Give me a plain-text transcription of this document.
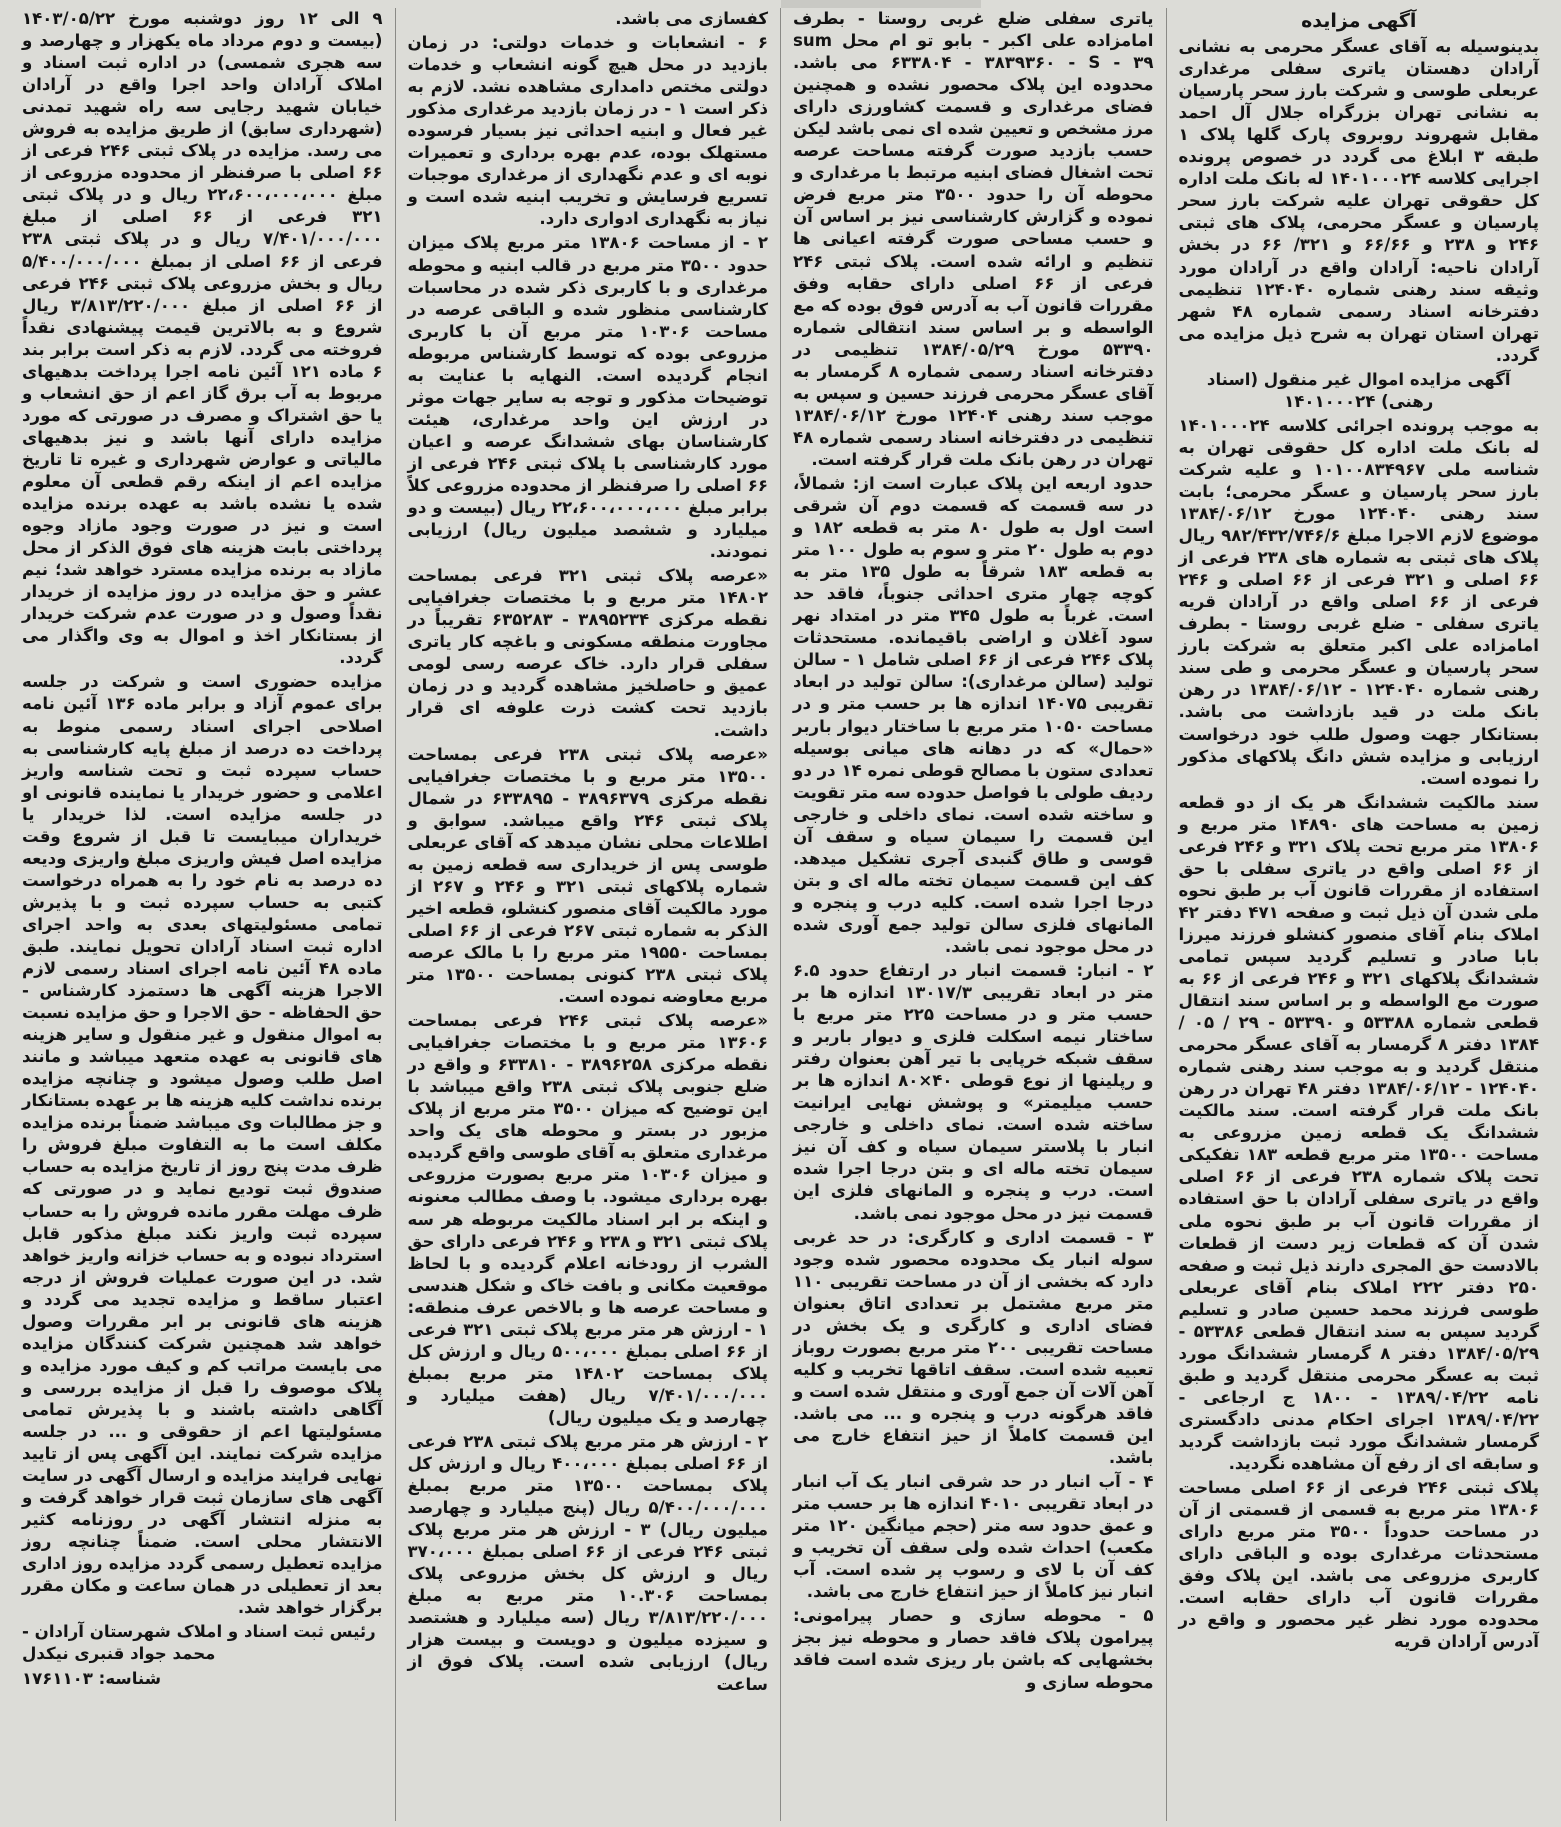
آگهی مزایده

بدینوسیله به آقای عسگر محرمی به نشانی آرادان دهستان یاتری سفلی مرغداری عربعلی طوسی و شرکت بارز سحر پارسیان به نشانی تهران بزرگراه جلال آل احمد مقابل شهروند روبروی پارک گلها پلاک ۱ طبقه ۳ ابلاغ می گردد در خصوص پرونده اجرایی کلاسه ۱۴۰۱۰۰۰۲۴ له بانک ملت اداره کل حقوقی تهران علیه شرکت بارز سحر پارسیان و عسگر محرمی، پلاک های ثبتی ۲۴۶ و ۲۳۸ و ۶۶/۶۶ و ۳۲۱/ ۶۶ در بخش آرادان ناحیه: آرادان واقع در آرادان مورد وثیقه سند رهنی شماره ۱۲۴۰۴۰ تنظیمی دفترخانه اسناد رسمی شماره ۴۸ شهر تهران استان تهران به شرح ذیل مزایده می گردد.

آگهی مزایده اموال غیر منقول (اسناد رهنی) ۱۴۰۱۰۰۰۲۴

به موجب پرونده اجرائی کلاسه ۱۴۰۱۰۰۰۲۴ له بانک ملت اداره کل حقوقی تهران به شناسه ملی ۱۰۱۰۰۸۳۴۹۶۷ و علیه شرکت بارز سحر پارسیان و عسگر محرمی؛ بابت سند رهنی ۱۲۴۰۴۰ مورخ ۱۳۸۴/۰۶/۱۲ موضوع لازم الاجرا مبلغ ۹۸۲/۴۳۲/۷۴۶/۶ ریال پلاک های ثبتی به شماره های ۲۳۸ فرعی از ۶۶ اصلی و ۳۲۱ فرعی از ۶۶ اصلی و ۲۴۶ فرعی از ۶۶ اصلی واقع در آرادان قریه یاتری سفلی - ضلع غربی روستا - بطرف امامزاده علی اکبر متعلق به شرکت بارز سحر پارسیان و عسگر محرمی و طی سند رهنی شماره ۱۲۴۰۴۰ - ۱۳۸۴/۰۶/۱۲ در رهن بانک ملت در قید بازداشت می باشد. بستانکار جهت وصول طلب خود درخواست ارزیابی و مزایده شش دانگ پلاکهای مذکور را نموده است.

سند مالکیت ششدانگ هر یک از دو قطعه زمین به مساحت های ۱۴۸۹۰ متر مربع و ۱۳۸۰۶ متر مربع تحت پلاک ۳۲۱ و ۲۴۶ فرعی از ۶۶ اصلی واقع در یاتری سفلی با حق استفاده از مقررات قانون آب بر طبق نحوه ملی شدن آن ذیل ثبت و صفحه ۴۷۱ دفتر ۴۲ املاک بنام آقای منصور کنشلو فرزند میرزا بابا صادر و تسلیم گردید سپس تمامی ششدانگ پلاکهای ۳۲۱ و ۲۴۶ فرعی از ۶۶ به صورت مع الواسطه و بر اساس سند انتقال قطعی شماره ۵۳۳۸۸ و ۵۳۳۹۰ - ۲۹ / ۰۵ / ۱۳۸۴ دفتر ۸ گرمسار به آقای عسگر محرمی منتقل گردید و به موجب سند رهنی شماره ۱۲۴۰۴۰ - ۱۳۸۴/۰۶/۱۲ دفتر ۴۸ تهران در رهن بانک ملت قرار گرفته است. سند مالکیت ششدانگ یک قطعه زمین مزروعی به مساحت ۱۳۵۰۰ متر مربع قطعه ۱۸۳ تفکیکی تحت پلاک شماره ۲۳۸ فرعی از ۶۶ اصلی واقع در یاتری سفلی آرادان با حق استفاده از مقررات قانون آب بر طبق نحوه ملی شدن آن که قطعات زیر دست از قطعات بالادست حق المجری دارند ذیل ثبت و صفحه ۲۵۰ دفتر ۲۲۲ املاک بنام آقای عربعلی طوسی فرزند محمد حسین صادر و تسلیم گردید سپس به سند انتقال قطعی ۵۳۳۸۶ - ۱۳۸۴/۰۵/۲۹ دفتر ۸ گرمسار ششدانگ مورد ثبت به عسگر محرمی منتقل گردید و طبق نامه ۱۳۸۹/۰۴/۲۲ - ۱۸۰۰ ج ارجاعی - ۱۳۸۹/۰۴/۲۲ اجرای احکام مدنی دادگستری گرمسار ششدانگ مورد ثبت بازداشت گردید و سابقه ای از رفع آن مشاهده نگردید.

پلاک ثبتی ۲۴۶ فرعی از ۶۶ اصلی مساحت ۱۳۸۰۶ متر مربع به قسمی از قسمتی از آن در مساحت حدوداً ۳۵۰۰ متر مربع دارای مستحدثات مرغداری بوده و الباقی دارای کاربری مزروعی می باشد. این پلاک وفق مقررات قانون آب دارای حقابه است. محدوده مورد نظر غیر محصور و واقع در آدرس آرادان قریه

یاتری سفلی ضلع غربی روستا - بطرف امامزاده علی اکبر - بابو تو ام محل sum ۶۳۳۸۰۴ - ۳۸۳۹۳۶۰ - S - ۳۹ می باشد. محدوده این پلاک محصور نشده و همچنین فضای مرغداری و قسمت کشاورزی دارای مرز مشخص و تعیین شده ای نمی باشد لیکن حسب بازدید صورت گرفته مساحت عرصه تحت اشغال فضای ابنیه مرتبط با مرغداری و محوطه آن را حدود ۳۵۰۰ متر مربع فرض نموده و گزارش کارشناسی نیز بر اساس آن و حسب مساحی صورت گرفته اعیانی ها تنظیم و ارائه شده است. پلاک ثبتی ۲۴۶ فرعی از ۶۶ اصلی دارای حقابه وفق مقررات قانون آب به آدرس فوق بوده که مع الواسطه و بر اساس سند انتقالی شماره ۵۳۳۹۰ مورخ ۱۳۸۴/۰۵/۲۹ تنظیمی در دفترخانه اسناد رسمی شماره ۸ گرمسار به آقای عسگر محرمی فرزند حسین و سپس به موجب سند رهنی ۱۲۴۰۴ مورخ ۱۳۸۴/۰۶/۱۲ تنظیمی در دفترخانه اسناد رسمی شماره ۴۸ تهران در رهن بانک ملت قرار گرفته است.

حدود اربعه این پلاک عبارت است از: شمالاً، در سه قسمت که قسمت دوم آن شرقی است اول به طول ۸۰ متر به قطعه ۱۸۲ و دوم به طول ۲۰ متر و سوم به طول ۱۰۰ متر به قطعه ۱۸۳ شرقاً به طول ۱۳۵ متر به کوچه چهار متری احداثی جنوباً، فاقد حد است. غرباً به طول ۳۴۵ متر در امتداد نهر سود آغلان و اراضی باقیمانده. مستحدثات پلاک ۲۴۶ فرعی از ۶۶ اصلی شامل ۱ - سالن تولید (سالن مرغداری): سالن تولید در ابعاد تقریبی ۱۴۰۷۵ اندازه ها بر حسب متر و در مساحت ۱۰۵۰ متر مربع با ساختار دیوار باربر «حمال» که در دهانه های میانی بوسیله تعدادی ستون با مصالح قوطی نمره ۱۴ در دو ردیف طولی با فواصل حدوده سه متر تقویت و ساخته شده است. نمای داخلی و خارجی این قسمت را سیمان سیاه و سقف آن قوسی و طاق گنبدی آجری تشکیل میدهد. کف این قسمت سیمان تخته ماله ای و بتن درجا اجرا شده است. کلیه درب و پنجره و المانهای فلزی سالن تولید جمع آوری شده در محل موجود نمی باشد.

۲ - انبار: قسمت انبار در ارتفاع حدود ۶.۵ متر در ابعاد تقریبی ۱۳۰۱۷/۳ اندازه ها بر حسب متر و در مساحت ۲۲۵ متر مربع با ساختار نیمه اسکلت فلزی و دیوار باربر و سقف شبکه خرپایی با تیر آهن بعنوان رفتر و رپلینها از نوع قوطی ۴۰×۸۰ اندازه ها بر حسب میلیمتر» و پوشش نهایی ایرانیت ساخته شده است. نمای داخلی و خارجی انبار با پلاستر سیمان سیاه و کف آن نیز سیمان تخته ماله ای و بتن درجا اجرا شده است. درب و پنجره و المانهای فلزی این قسمت نیز در محل موجود نمی باشد.

۳ - قسمت اداری و کارگری: در حد غربی سوله انبار یک محدوده محصور شده وجود دارد که بخشی از آن در مساحت تقریبی ۱۱۰ متر مربع مشتمل بر تعدادی اتاق بعنوان فضای اداری و کارگری و یک بخش در مساحت تقریبی ۲۰۰ متر مربع بصورت روباز تعبیه شده است. سقف اتاقها تخریب و کلیه آهن آلات آن جمع آوری و منتقل شده است و فاقد هرگونه درب و پنجره و ... می باشد. این قسمت کاملاً از حیز انتفاع خارج می باشد.

۴ - آب انبار در حد شرقی انبار یک آب انبار در ابعاد تقریبی ۴۰۱۰ اندازه ها بر حسب متر و عمق حدود سه متر (حجم میانگین ۱۲۰ متر مکعب) احداث شده ولی سقف آن تخریب و کف آن با لای و رسوب پر شده است. آب انبار نیز کاملاً از حیز انتفاع خارج می باشد.

۵ - محوطه سازی و حصار پیرامونی: پیرامون پلاک فاقد حصار و محوطه نیز بجز بخشهایی که باشن بار ریزی شده است فاقد محوطه سازی و

کفسازی می باشد.

۶ - انشعابات و خدمات دولتی: در زمان بازدید در محل هیچ گونه انشعاب و خدمات دولتی مختص دامداری مشاهده نشد. لازم به ذکر است ۱ - در زمان بازدید مرغداری مذکور غیر فعال و ابنیه احداثی نیز بسیار فرسوده مستهلک بوده، عدم بهره برداری و تعمیرات نوبه ای و عدم نگهداری از مرغداری موجبات تسریع فرسایش و تخریب ابنیه شده است و نیاز به نگهداری ادواری دارد.

۲ - از مساحت ۱۳۸۰۶ متر مربع پلاک میزان حدود ۳۵۰۰ متر مربع در قالب ابنیه و محوطه مرغداری و با کاربری ذکر شده در محاسبات کارشناسی منظور شده و الباقی عرصه در مساحت ۱۰۳۰۶ متر مربع آن با کاربری مزروعی بوده که توسط کارشناس مربوطه انجام گردیده است. النهایه با عنایت به توضیحات مذکور و توجه به سایر جهات موثر در ارزش این واحد مرغداری، هیئت کارشناسان بهای ششدانگ عرصه و اعیان مورد کارشناسی با پلاک ثبتی ۲۴۶ فرعی از ۶۶ اصلی را صرفنظر از محدوده مزروعی کلاً برابر مبلغ ۲۲،۶۰۰،۰۰۰،۰۰۰ ریال (بیست و دو میلیارد و ششصد میلیون ریال) ارزیابی نمودند.

«عرصه پلاک ثبتی ۳۲۱ فرعی بمساحت ۱۴۸۰۲ متر مربع و با مختصات جغرافیایی نقطه مرکزی ۳۸۹۵۲۳۴ - ۶۳۵۲۸۳ تقریباً در مجاورت منطقه مسکونی و باغچه کار یاتری سفلی قرار دارد. خاک عرصه رسی لومی عمیق و حاصلخیز مشاهده گردید و در زمان بازدید تحت کشت ذرت علوفه ای قرار داشت.

«عرصه پلاک ثبتی ۲۳۸ فرعی بمساحت ۱۳۵۰۰ متر مربع و با مختصات جغرافیایی نقطه مرکزی ۳۸۹۶۳۷۹ - ۶۳۳۸۹۵ در شمال پلاک ثبتی ۲۴۶ واقع میباشد. سوابق و اطلاعات محلی نشان میدهد که آقای عربعلی طوسی پس از خریداری سه قطعه زمین به شماره پلاکهای ثبتی ۳۲۱ و ۲۴۶ و ۲۶۷ از مورد مالکیت آقای منصور کنشلو، قطعه اخیر الذکر به شماره ثبتی ۲۶۷ فرعی از ۶۶ اصلی بمساحت ۱۹۵۵۰ متر مربع را با مالک عرصه پلاک ثبتی ۲۳۸ کنونی بمساحت ۱۳۵۰۰ متر مربع معاوضه نموده است.

«عرصه پلاک ثبتی ۲۴۶ فرعی بمساحت ۱۳۶۰۶ متر مربع و با مختصات جغرافیایی نقطه مرکزی ۳۸۹۶۲۵۸ - ۶۳۳۸۱۰ و واقع در ضلع جنوبی پلاک ثبتی ۲۳۸ واقع میباشد با این توضیح که میزان ۳۵۰۰ متر مربع از پلاک مزبور در بستر و محوطه های یک واحد مرغداری متعلق به آقای طوسی واقع گردیده و میزان ۱۰۳۰۶ متر مربع بصورت مزروعی بهره برداری میشود. با وصف مطالب معنونه و اینکه بر ابر اسناد مالکیت مربوطه هر سه پلاک ثبتی ۳۲۱ و ۲۳۸ و ۲۴۶ فرعی دارای حق الشرب از رودخانه اعلام گردیده و با لحاظ موقعیت مکانی و بافت خاک و شکل هندسی و مساحت عرصه ها و بالاخص عرف منطقه: ۱ - ارزش هر متر مربع پلاک ثبتی ۳۲۱ فرعی از ۶۶ اصلی بمبلغ ۵۰۰،۰۰۰ ریال و ارزش کل پلاک بمساحت ۱۴۸۰۲ متر مربع بمبلغ ۷/۴۰۱/۰۰۰/۰۰۰ ریال (هفت میلیارد و چهارصد و یک میلیون ریال)

۲ - ارزش هر متر مربع پلاک ثبتی ۲۳۸ فرعی از ۶۶ اصلی بمبلغ ۴۰۰،۰۰۰ ریال و ارزش کل پلاک بمساحت ۱۳۵۰۰ متر مربع بمبلغ ۵/۴۰۰/۰۰۰/۰۰۰ ریال (پنج میلیارد و چهارصد میلیون ریال) ۳ - ارزش هر متر مربع پلاک ثبتی ۲۴۶ فرعی از ۶۶ اصلی بمبلغ ۳۷۰،۰۰۰ ریال و ارزش کل بخش مزروعی پلاک بمساحت ۱۰.۳۰۶ متر مربع به مبلغ ۳/۸۱۳/۲۲۰/۰۰۰ ریال (سه میلیارد و هشتصد و سیزده میلیون و دویست و بیست هزار ریال) ارزیابی شده است. پلاک فوق از ساعت

۹ الی ۱۲ روز دوشنبه مورخ ۱۴۰۳/۰۵/۲۲ (بیست و دوم مرداد ماه یکهزار و چهارصد و سه هجری شمسی) در اداره ثبت اسناد و املاک آرادان واحد اجرا واقع در آرادان خیابان شهید رجایی سه راه شهید تمدنی (شهرداری سابق) از طریق مزایده به فروش می رسد. مزایده در پلاک ثبتی ۲۴۶ فرعی از ۶۶ اصلی با صرفنظر از محدوده مزروعی از مبلغ ۲۲،۶۰۰،۰۰۰،۰۰۰ ریال و در پلاک ثبتی ۳۲۱ فرعی از ۶۶ اصلی از مبلغ ۷/۴۰۱/۰۰۰/۰۰۰ ریال و در پلاک ثبتی ۲۳۸ فرعی از ۶۶ اصلی از بمبلغ ۵/۴۰۰/۰۰۰/۰۰۰ ریال و بخش مزروعی پلاک ثبتی ۲۴۶ فرعی از ۶۶ اصلی از مبلغ ۳/۸۱۳/۲۲۰/۰۰۰ ریال شروع و به بالاترین قیمت پیشنهادی نقداً فروخته می گردد. لازم به ذکر است برابر بند ۶ ماده ۱۲۱ آئین نامه اجرا پرداخت بدهیهای مربوط به آب برق گاز اعم از حق انشعاب و یا حق اشتراک و مصرف در صورتی که مورد مزایده دارای آنها باشد و نیز بدهیهای مالیاتی و عوارض شهرداری و غیره تا تاریخ مزایده اعم از اینکه رقم قطعی آن معلوم شده یا نشده باشد به عهده برنده مزایده است و نیز در صورت وجود مازاد وجوه پرداختی بابت هزینه های فوق الذکر از محل مازاد به برنده مزایده مسترد خواهد شد؛ نیم عشر و حق مزایده در روز مزایده از خریدار نقداً وصول و در صورت عدم شرکت خریدار از بستانکار اخذ و اموال به وی واگذار می گردد.

مزایده حضوری است و شرکت در جلسه برای عموم آزاد و برابر ماده ۱۳۶ آئین نامه اصلاحی اجرای اسناد رسمی منوط به پرداخت ده درصد از مبلغ پایه کارشناسی به حساب سپرده ثبت و تحت شناسه واریز اعلامی و حضور خریدار یا نماینده قانونی او در جلسه مزایده است. لذا خریدار یا خریداران میبایست تا قبل از شروع وقت مزایده اصل فیش واریزی مبلغ واریزی ودیعه ده درصد به نام خود را به همراه درخواست کتبی به حساب سپرده ثبت و با پذیرش تمامی مسئولیتهای بعدی به واحد اجرای اداره ثبت اسناد آرادان تحویل نمایند. طبق ماده ۴۸ آئین نامه اجرای اسناد رسمی لازم الاجرا هزینه آگهی ها دستمزد کارشناس - حق الحفاظه - حق الاجرا و حق مزایده نسبت به اموال منقول و غیر منقول و سایر هزینه های قانونی به عهده متعهد میباشد و مانند اصل طلب وصول میشود و چنانچه مزایده برنده نداشت کلیه هزینه ها بر عهده بستانکار و جز مطالبات وی میباشد ضمناً برنده مزایده مکلف است ما به التفاوت مبلغ فروش را ظرف مدت پنج روز از تاریخ مزایده به حساب صندوق ثبت تودیع نماید و در صورتی که ظرف مهلت مقرر مانده فروش را به حساب سپرده ثبت واریز نکند مبلغ مذکور قابل استرداد نبوده و به حساب خزانه واریز خواهد شد. در این صورت عملیات فروش از درجه اعتبار ساقط و مزایده تجدید می گردد و هزینه های قانونی بر ابر مقررات وصول خواهد شد همچنین شرکت کنندگان مزایده می بایست مراتب کم و کیف مورد مزایده و پلاک موصوف را قبل از مزایده بررسی و آگاهی داشته باشند و با پذیرش تمامی مسئولیتها اعم از حقوقی و ... در جلسه مزایده شرکت نمایند. این آگهی پس از تایید نهایی فرایند مزایده و ارسال آگهی در سایت آگهی های سازمان ثبت قرار خواهد گرفت و به منزله انتشار آگهی در روزنامه کثیر الانتشار محلی است. ضمناً چنانچه روز مزایده تعطیل رسمی گردد مزایده روز اداری بعد از تعطیلی در همان ساعت و مکان مقرر برگزار خواهد شد.

رئیس ثبت اسناد و املاک شهرستان آرادان - محمد جواد قنبری نیکدل

شناسه: ۱۷۶۱۱۰۳
